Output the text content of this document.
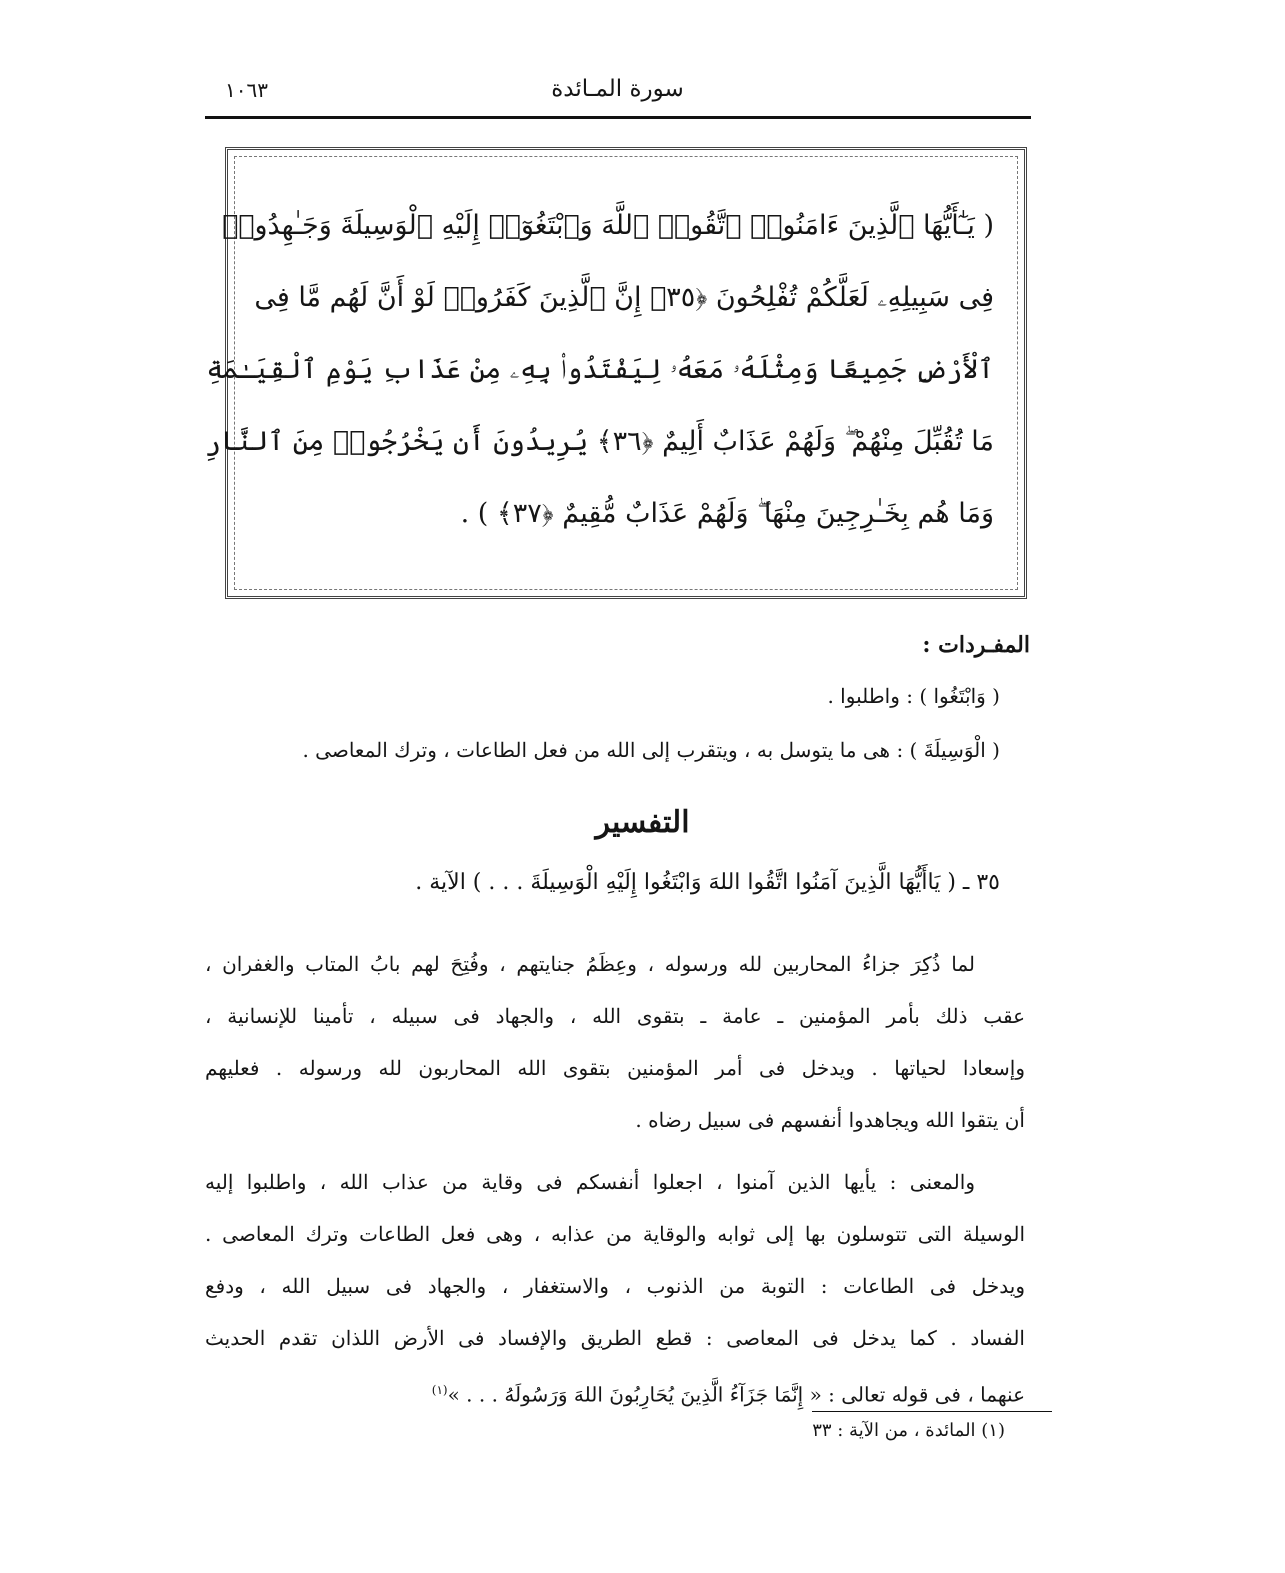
١٠٦٣	سورة المـائدة
( يَـٰٓأَيُّهَا ٱلَّذِينَ ءَامَنُوا۟ ٱتَّقُوا۟ ٱللَّهَ وَٱبْتَغُوٓا۟ إِلَيْهِ ٱلْوَسِيلَةَ وَجَـٰهِدُوا۟
فِى سَبِيلِهِۦ لَعَلَّكُمْ تُفْلِحُونَ ﴿٣٥﴾ إِنَّ ٱلَّذِينَ كَفَرُوا۟ لَوْ أَنَّ لَهُم مَّا فِى
ٱلْأَرْضِ جَمِيعًا وَمِثْلَهُۥ مَعَهُۥ لِيَفْتَدُوا۟ بِهِۦ مِنْ عَذَابِ يَوْمِ ٱلْقِيَـٰمَةِ
مَا تُقُبِّلَ مِنْهُمْ ۖ وَلَهُمْ عَذَابٌ أَلِيمٌ ﴿٣٦﴾ يُرِيدُونَ أَن يَخْرُجُوا۟ مِنَ ٱلنَّارِ
وَمَا هُم بِخَـٰرِجِينَ مِنْهَا ۖ وَلَهُمْ عَذَابٌ مُّقِيمٌ ﴿٣٧﴾ ) .
المفـردات :
( وَابْتَغُوا ) : واطلبوا .
( الْوَسِيلَةَ ) : هى ما يتوسل به ، ويتقرب إلى الله من فعل الطاعات ، وترك المعاصى .
التفسير
٣٥ ـ ( يَاأَيُّهَا الَّذِينَ آمَنُوا اتَّقُوا اللهَ وَابْتَغُوا إِلَيْهِ الْوَسِيلَةَ . . . ) الآية .
لما ذُكِرَ جزاءُ المحاربين لله ورسوله ، وعِظَمُ جنايتهم ، وفُتِحَ لهم بابُ المتاب والغفران ،
عقب ذلك بأمر المؤمنين ـ عامة ـ بتقوى الله ، والجهاد فى سبيله ، تأمينا للإنسانية ،
وإسعادا لحياتها . ويدخل فى أمر المؤمنين بتقوى الله المحاربون لله ورسوله . فعليهم
أن يتقوا الله ويجاهدوا أنفسهم فى سبيل رضاه .
والمعنى : يأيها الذين آمنوا ، اجعلوا أنفسكم فى وقاية من عذاب الله ، واطلبوا إليه
الوسيلة التى تتوسلون بها إلى ثوابه والوقاية من عذابه ، وهى فعل الطاعات وترك المعاصى .
ويدخل فى الطاعات : التوبة من الذنوب ، والاستغفار ، والجهاد فى سبيل الله ، ودفع
الفساد . كما يدخل فى المعاصى : قطع الطريق والإفساد فى الأرض اللذان تقدم الحديث
عنهما ، فى قوله تعالى : « إِنَّمَا جَزَآءُ الَّذِينَ يُحَارِبُونَ اللهَ وَرَسُولَهُ . . . »$^{(١)}$
(١) المائدة ، من الآية : ٣٣
